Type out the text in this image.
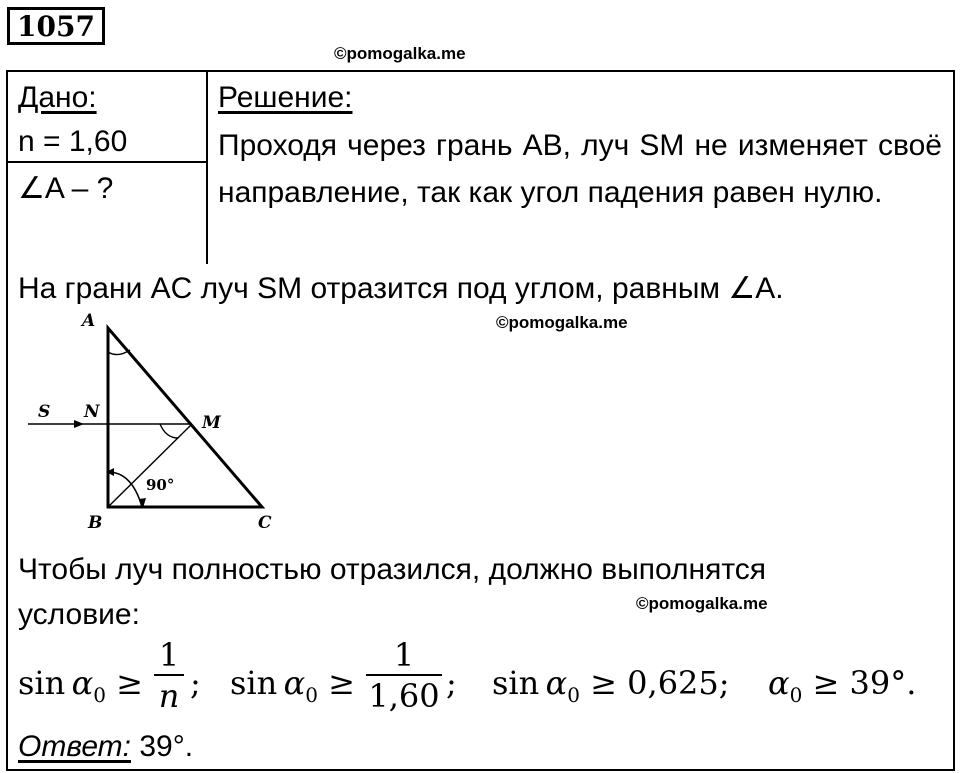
1057
©pomogalka.me
©pomogalka.me
©pomogalka.me
Дано:
n = 1,60
∠A – ?
Решение:
Проходя через грань AB, луч SM не изменяет своё направление, так как угол падения равен нулю.
На грани AC луч SM отразится под углом, равным ∠A.
A
B	C
S N
M
90°
Чтобы луч полностью отразился, должно выполнятся
условие:
$\sin \alpha_0$ ≥
1
n ; $\sin \alpha_0$ ≥
1
1,60 ; $\sin \alpha_0 \ge 0,625$; $\alpha_0 \ge 39^\circ$.
Ответ: 39°.
